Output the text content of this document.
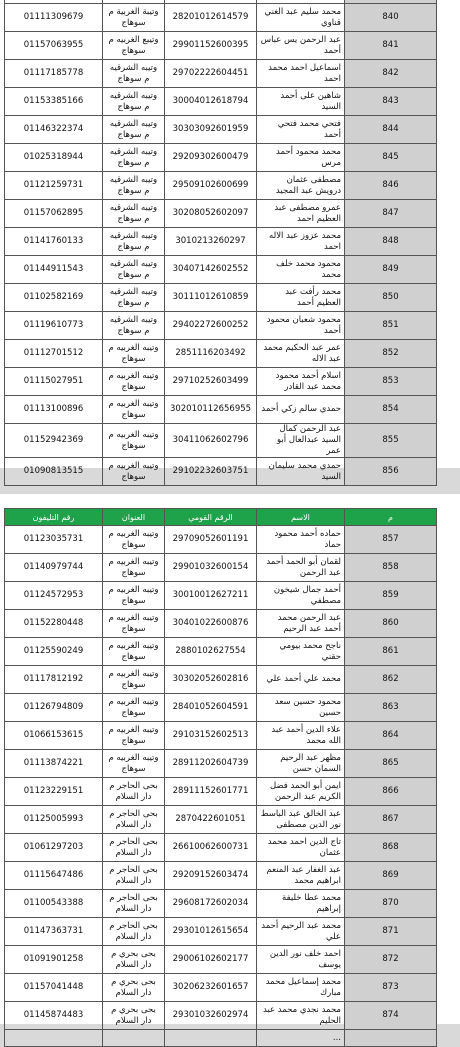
840	محمد سليم عبد الغني قناوي	28201012614579	وتيبة الغربية م سوهاج	01111309679
841	عبد الرحمن يس عباس أحمد	29901152600395	وتيبع الغربيه م سوهاج	01157063955
842	اسماعيل احمد محمد احمد	29702222604451	وتيبه الشرقيه م سوهاج	01117185778
843	شاهين على أحمد السيد	30004012618794	وتيبه الشرقيه م سوهاج	01153385166
844	فتحي محمد فتحي أحمد	30303092601959	وتيبه الشرقيه م سوهاج	01146322374
845	محمد محمود أحمد مرس	29209302600479	وتيبه الشرقيه م سوهاج	01025318944
846	مصطفى عثمان درويش عبد المجيد	29509102600699	وتيبه الشرقيه م سوهاج	01121259731
847	عمرو مصطفى عبد العظيم احمد	30208052602097	وتيبه الشرقيه م سوهاج	01157062895
848	محمد عزوز عبد الاله احمد	3010213260297	وتيبه الشرقيه م سوهاج	01141760133
849	محمود محمد خلف محمد	30407142602552	وتيبه الشرقيه م سوهاج	01144911543
850	محمد رأفت عبد العظيم أحمد	30111012610859	وتيبه الشرقيه م سوهاج	01102582169
851	محمود شعبان محمود أحمد	29402272600252	وتيبه الشرقيه م سوهاج	01119610773
852	عمر عبد الحكيم محمد عبد الاله	2851116203492	وتيبه الغربيه م سوهاج	01112701512
853	اسلام أحمد محمود محمد عبد القادر	29710252603499	وتيبه الغربيه م سوهاج	01115027951
854	حمدي سالم زكي أحمد	302010112656955	وتيبه الغربيه م سوهاج	01113100896
855	عبد الرحمن كمال السيد عبدالعال أبو عمر	30411062602796	وتيبه الغربيه م سوهاج	01152942369
856	حمدي محمد سليمان السيد	29102232603751	وتيبه الغربيه م سوهاج	01090813515
م	الاسم	الرقم القومي	العنوان	رقم التليفون
857	حماده أحمد محمود حماد	29709052601191	وتيبه الغربيه م سوهاج	01123035731
858	لقمان أبو الحمد أحمد عبد الرحمن	29901032600154	وتيبه الغربيه م سوهاج	01140979744
859	أحمد جمال شيخون مصطفي	30010012627211	وتيبه الغربيه م سوهاج	01124572953
860	عبد الرحمن محمد أحمد عبد الرحيم	30401022600876	وتيبه الغربيه م سوهاج	01152280448
861	ناجح محمد بيومي حقني	2880102627554	وتيبه الغربيه م سوهاج	01125590249
862	محمد علي أحمد علي	30302052602816	وتيبه الغربيه م سوهاج	01117812192
863	محمود حسين سعد حسين	28401052604591	وتيبه الغربيه م سوهاج	01126794809
864	علاء الدين أحمد عبد الله محمد	29103152602513	وتيبه الغربيه م سوهاج	01066153615
865	مظهر عبد الرحيم السمان حسن	28911202604739	وتيبه الغربيه م سوهاج	01113874221
866	ايمن أبو الحمد فضل الكريم عبد الرحمن	28911152601771	بحى الحاجر م دار السلام	01123229151
867	عبد الخالق عبد الباسط نور الدين مصطفى	2870422601051	بحى الحاجر م دار السلام	01125005993
868	تاج الدين احمد محمد عثمان	26610062600731	بحى الحاجر م دار السلام	01061297203
869	عبد الغفار عبد المنعم ابراهيم محمد	29209152603474	بحى الحاجر م دار السلام	01115647486
870	محمد عطا خليفة إبراهيم	29608172602034	بحى الحاجر م دار السلام	01100543388
871	محمد عبد الرحيم أحمد علي	29301012615654	بحى الحاجر م دار السلام	01147363731
872	احمد خلف نور الدين يوسف	29006102602177	بحى بحري م دار السلام	01091901258
873	محمد إسماعيل محمد مبارك	30206232601657	بحى بحري م دار السلام	01157041448
874	محمد نجدي محمد عبد الحليم	29301032602974	بحى بحري م دار السلام	01145874483
	...			
